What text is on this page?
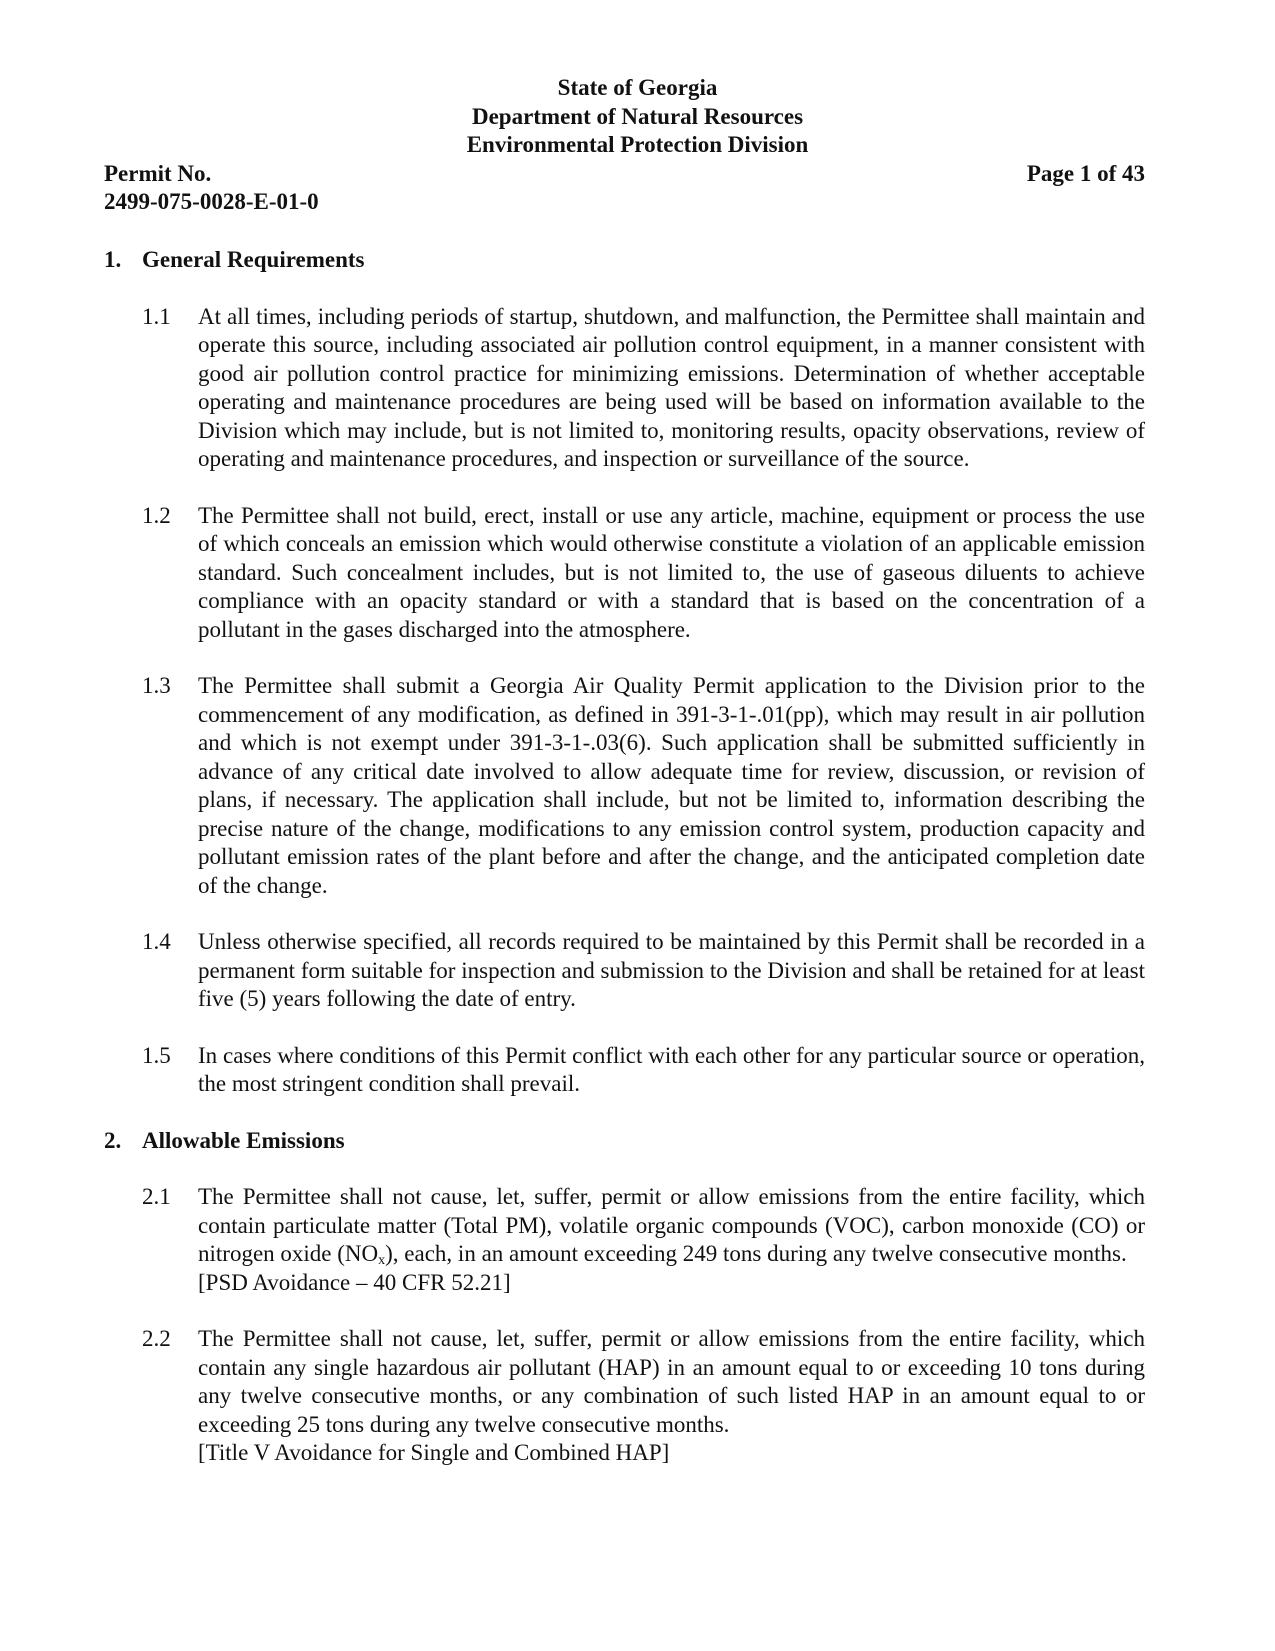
State of Georgia
Department of Natural Resources
Environmental Protection Division
Permit No.
2499-075-0028-E-01-0
Page 1 of 43
1. General Requirements
1.1	At all times, including periods of startup, shutdown, and malfunction, the Permittee shall maintain and operate this source, including associated air pollution control equipment, in a manner consistent with good air pollution control practice for minimizing emissions. Determination of whether acceptable operating and maintenance procedures are being used will be based on information available to the Division which may include, but is not limited to, monitoring results, opacity observations, review of operating and maintenance procedures, and inspection or surveillance of the source.
1.2	The Permittee shall not build, erect, install or use any article, machine, equipment or process the use of which conceals an emission which would otherwise constitute a violation of an applicable emission standard. Such concealment includes, but is not limited to, the use of gaseous diluents to achieve compliance with an opacity standard or with a standard that is based on the concentration of a pollutant in the gases discharged into the atmosphere.
1.3	The Permittee shall submit a Georgia Air Quality Permit application to the Division prior to the commencement of any modification, as defined in 391-3-1-.01(pp), which may result in air pollution and which is not exempt under 391-3-1-.03(6). Such application shall be submitted sufficiently in advance of any critical date involved to allow adequate time for review, discussion, or revision of plans, if necessary. The application shall include, but not be limited to, information describing the precise nature of the change, modifications to any emission control system, production capacity and pollutant emission rates of the plant before and after the change, and the anticipated completion date of the change.
1.4	Unless otherwise specified, all records required to be maintained by this Permit shall be recorded in a permanent form suitable for inspection and submission to the Division and shall be retained for at least five (5) years following the date of entry.
1.5	In cases where conditions of this Permit conflict with each other for any particular source or operation, the most stringent condition shall prevail.
2. Allowable Emissions
2.1	The Permittee shall not cause, let, suffer, permit or allow emissions from the entire facility, which contain particulate matter (Total PM), volatile organic compounds (VOC), carbon monoxide (CO) or nitrogen oxide $(NO_x)$, each, in an amount exceeding 249 tons during any twelve consecutive months.
[PSD Avoidance – 40 CFR 52.21]
2.2	The Permittee shall not cause, let, suffer, permit or allow emissions from the entire facility, which contain any single hazardous air pollutant (HAP) in an amount equal to or exceeding 10 tons during any twelve consecutive months, or any combination of such listed HAP in an amount equal to or exceeding 25 tons during any twelve consecutive months.
[Title V Avoidance for Single and Combined HAP]
